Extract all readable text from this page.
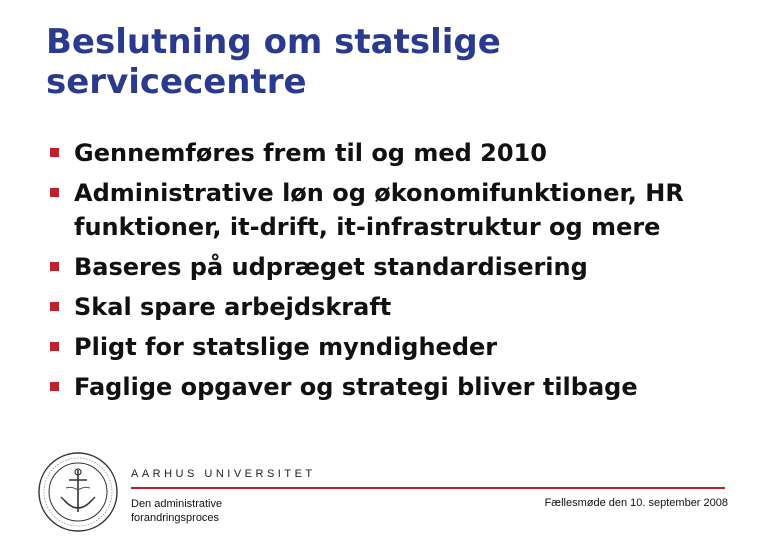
Beslutning om statslige
servicecentre
Gennemføres frem til og med 2010
Administrative løn og økonomifunktioner, HR funktioner, it-drift, it-infrastruktur og mere
Baseres på udpræget standardisering
Skal spare arbejdskraft
Pligt for statslige myndigheder
Faglige opgaver og strategi bliver tilbage
AARHUS UNIVERSITET
Den administrative
forandringsproces
Fællesmøde den 10. september 2008
